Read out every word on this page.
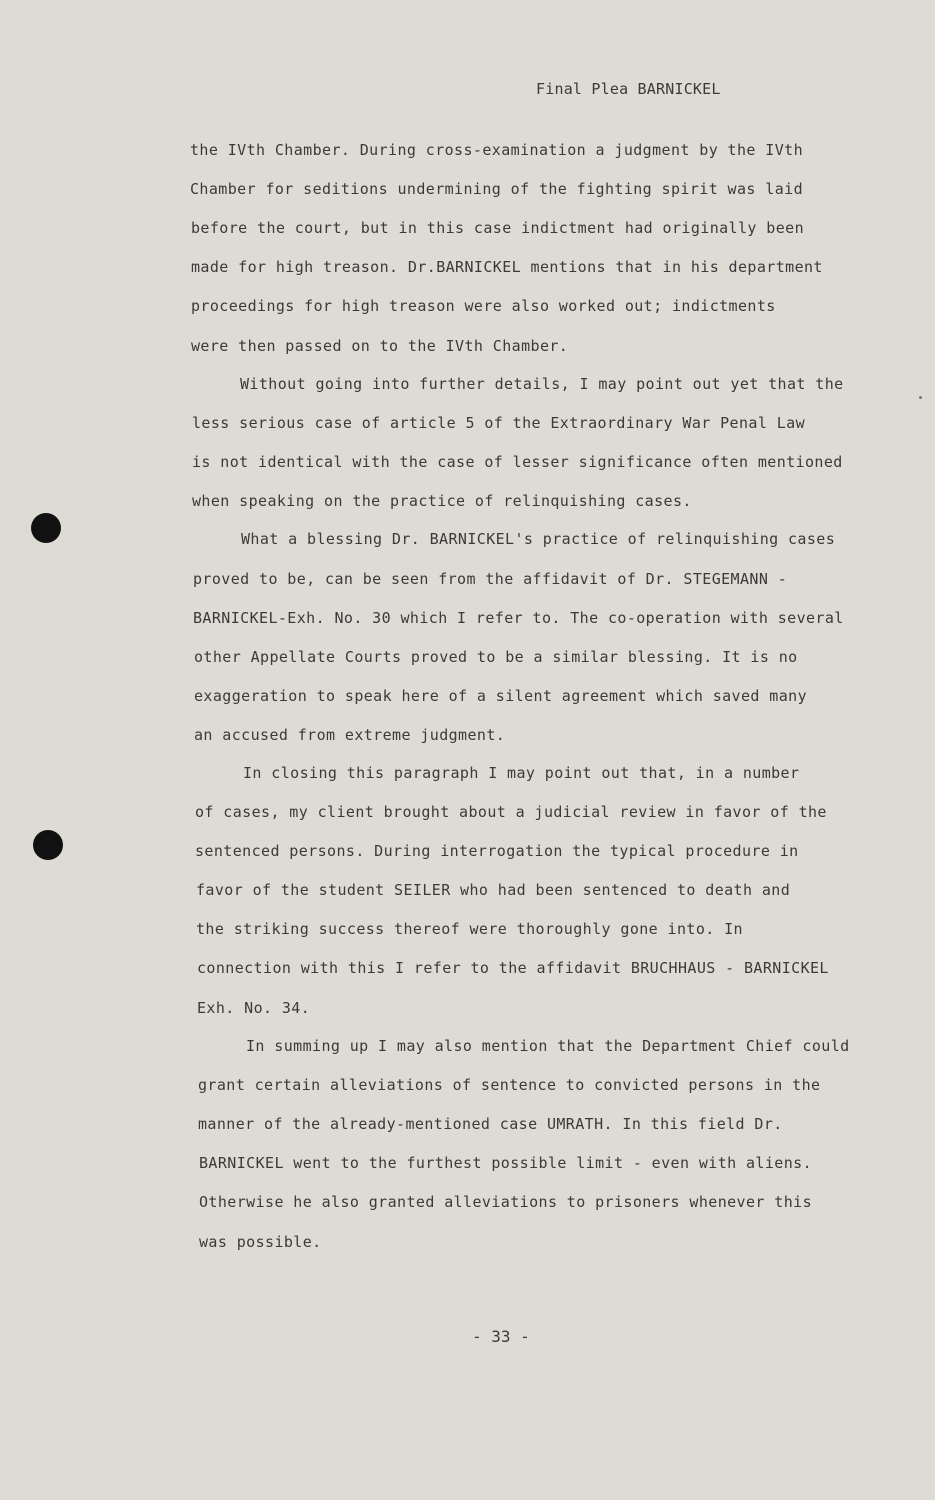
Final Plea BARNICKEL
the IVth Chamber. During cross-examination a judgment by the IVth
Chamber for seditions undermining of the fighting spirit was laid
before the court, but in this case indictment had originally been
made for high treason. Dr.BARNICKEL mentions that in his department
proceedings for high treason were also worked out; indictments
were then passed on to the IVth Chamber.
Without going into further details, I may point out yet that the
less serious case of article 5 of the Extraordinary War Penal Law
is not identical with the case of lesser significance often mentioned
when speaking on the practice of relinquishing cases.
What a blessing Dr. BARNICKEL's practice of relinquishing cases
proved to be, can be seen from the affidavit of Dr. STEGEMANN -
BARNICKEL-Exh. No. 30 which I refer to. The co-operation with several
other Appellate Courts proved to be a similar blessing. It is no
exaggeration to speak here of a silent agreement which saved many
an accused from extreme judgment.
In closing this paragraph I may point out that, in a number
of cases, my client brought about a judicial review in favor of the
sentenced persons. During interrogation the typical procedure in
favor of the student SEILER who had been sentenced to death and
the striking success thereof were thoroughly gone into. In
connection with this I refer to the affidavit BRUCHHAUS - BARNICKEL
Exh. No. 34.
In summing up I may also mention that the Department Chief could
grant certain alleviations of sentence to convicted persons in the
manner of the already-mentioned case UMRATH. In this field Dr.
BARNICKEL went to the furthest possible limit - even with aliens.
Otherwise he also granted alleviations to prisoners whenever this
was possible.
- 33 -
